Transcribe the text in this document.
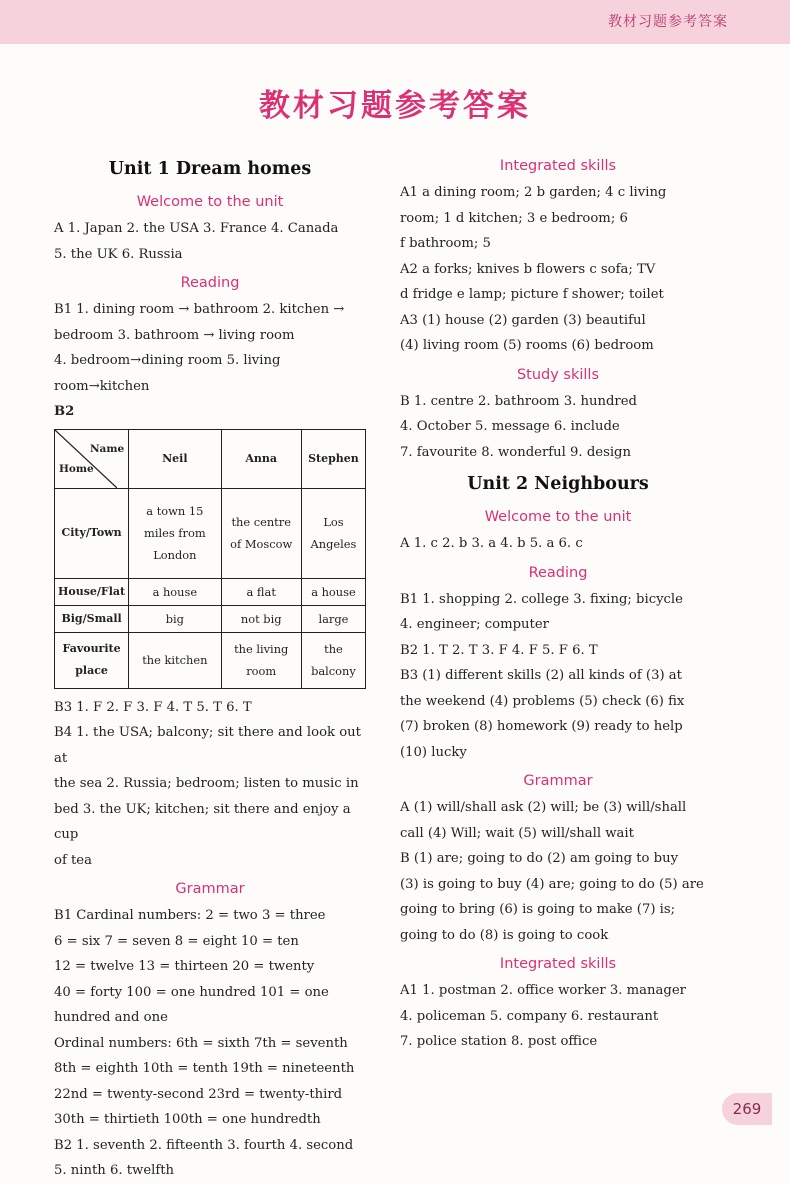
教材习题参考答案
教材习题参考答案

Unit 1 Dream homes

Welcome to the unit

A 1. Japan 2. the USA 3. France 4. Canada

5. the UK 6. Russia

Reading

B1 1. dining room → bathroom 2. kitchen →

bedroom 3. bathroom → living room

4. bedroom→dining room 5. living room→kitchen

B2

Name
Home	Neil	Anna	Stephen
City/Town	a town 15 miles from London	the centre of Moscow	Los Angeles
House/Flat	a house	a flat	a house
Big/Small	big	not big	large
Favourite place	the kitchen	the living room	the balcony

B3 1. F 2. F 3. F 4. T 5. T 6. T

B4 1. the USA; balcony; sit there and look out at

the sea 2. Russia; bedroom; listen to music in

bed 3. the UK; kitchen; sit there and enjoy a cup

of tea

Grammar

B1 Cardinal numbers: 2 = two 3 = three

6 = six 7 = seven 8 = eight 10 = ten

12 = twelve 13 = thirteen 20 = twenty

40 = forty 100 = one hundred 101 = one

hundred and one

Ordinal numbers: 6th = sixth 7th = seventh

8th = eighth 10th = tenth 19th = nineteenth

22nd = twenty-second 23rd = twenty-third

30th = thirtieth 100th = one hundredth

B2 1. seventh 2. fifteenth 3. fourth 4. second

5. ninth 6. twelfth

Integrated skills

A1 a dining room; 2 b garden; 4 c living

room; 1 d kitchen; 3 e bedroom; 6

f bathroom; 5

A2 a forks; knives b flowers c sofa; TV

d fridge e lamp; picture f shower; toilet

A3 (1) house (2) garden (3) beautiful

(4) living room (5) rooms (6) bedroom

Study skills

B 1. centre 2. bathroom 3. hundred

4. October 5. message 6. include

7. favourite 8. wonderful 9. design

Unit 2 Neighbours

Welcome to the unit

A 1. c 2. b 3. a 4. b 5. a 6. c

Reading

B1 1. shopping 2. college 3. fixing; bicycle

4. engineer; computer

B2 1. T 2. T 3. F 4. F 5. F 6. T

B3 (1) different skills (2) all kinds of (3) at

the weekend (4) problems (5) check (6) fix

(7) broken (8) homework (9) ready to help

(10) lucky

Grammar

A (1) will/shall ask (2) will; be (3) will/shall

call (4) Will; wait (5) will/shall wait

B (1) are; going to do (2) am going to buy

(3) is going to buy (4) are; going to do (5) are

going to bring (6) is going to make (7) is;

going to do (8) is going to cook

Integrated skills

A1 1. postman 2. office worker 3. manager

4. policeman 5. company 6. restaurant

7. police station 8. post office

269
